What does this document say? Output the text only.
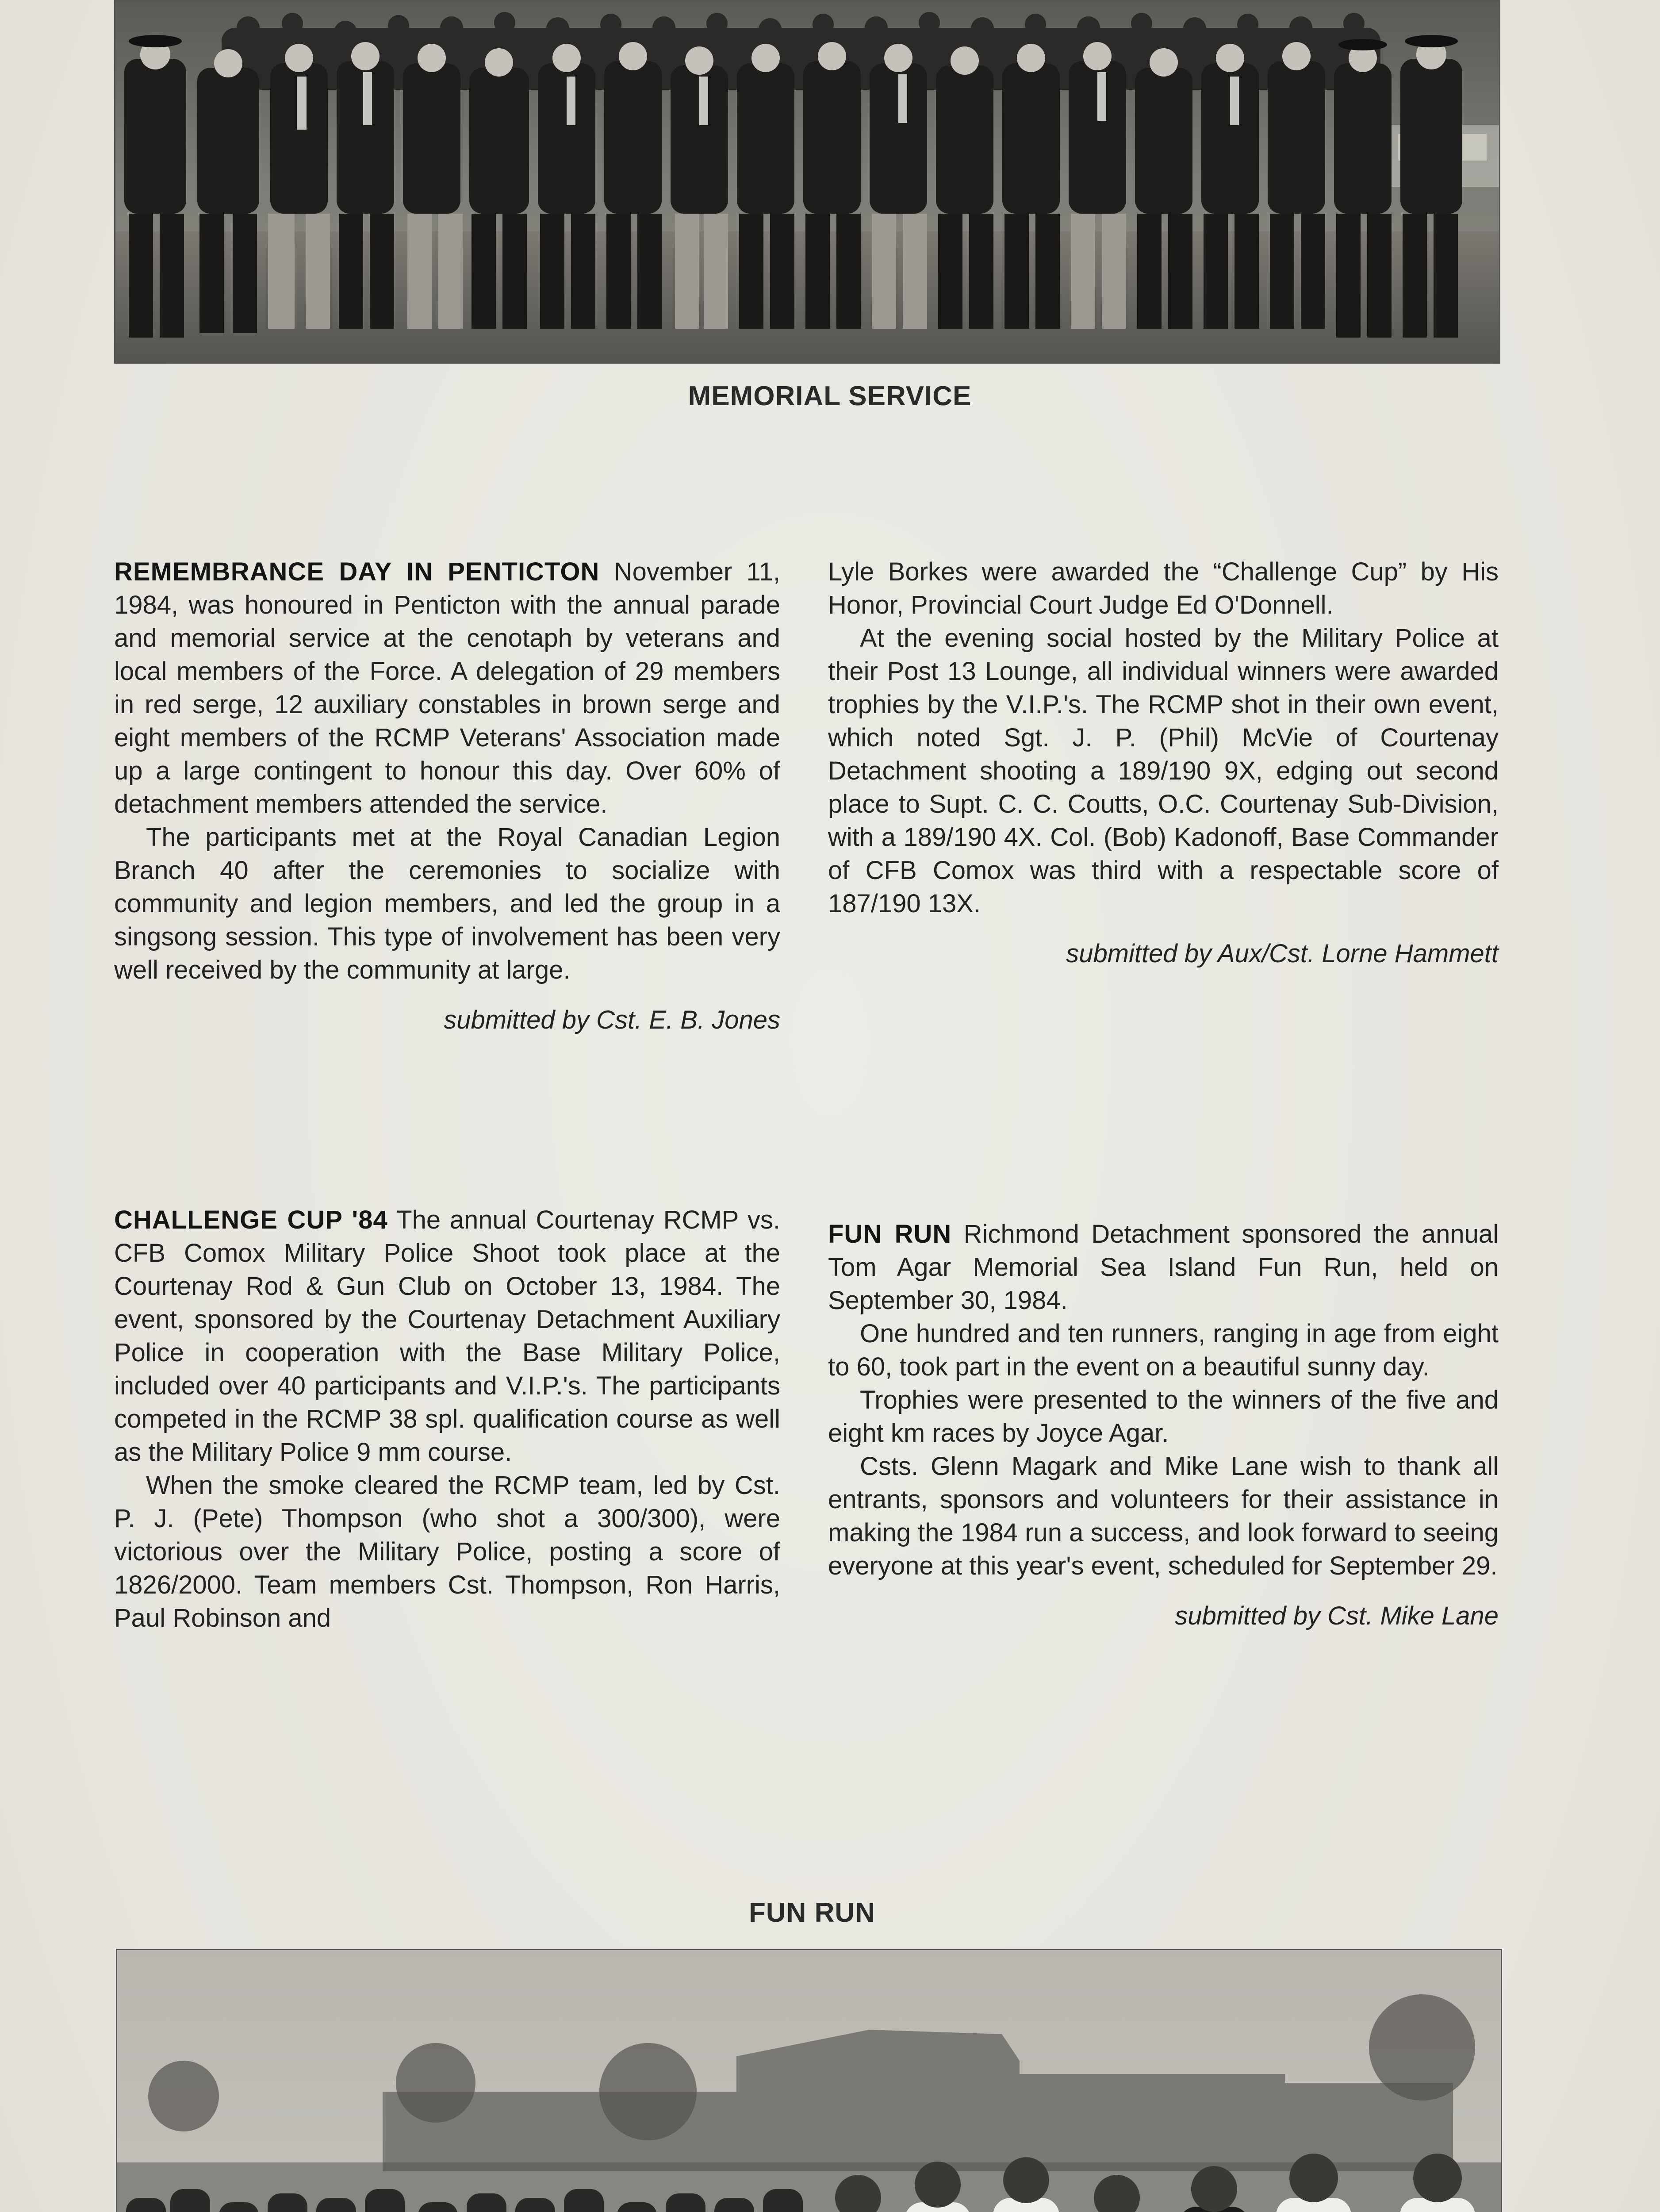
MEMORIAL SERVICE

REMEMBRANCE DAY IN PENTICTON November 11, 1984, was honoured in Penticton with the annual parade and memorial service at the cenotaph by veterans and local members of the Force. A delegation of 29 members in red serge, 12 auxiliary constables in brown serge and eight members of the RCMP Veterans' Association made up a large contingent to honour this day. Over 60% of detachment members attended the service.

The participants met at the Royal Canadian Legion Branch 40 after the ceremonies to socialize with community and legion members, and led the group in a singsong session. This type of involvement has been very well received by the community at large.

submitted by Cst. E. B. Jones

CHALLENGE CUP '84 The annual Courtenay RCMP vs. CFB Comox Military Police Shoot took place at the Courtenay Rod & Gun Club on October 13, 1984. The event, sponsored by the Courtenay Detachment Auxiliary Police in cooperation with the Base Military Police, included over 40 participants and V.I.P.'s. The participants competed in the RCMP 38 spl. qualification course as well as the Military Police 9 mm course.

When the smoke cleared the RCMP team, led by Cst. P. J. (Pete) Thompson (who shot a 300/300), were victorious over the Military Police, posting a score of 1826/2000. Team members Cst. Thompson, Ron Harris, Paul Robinson and

Lyle Borkes were awarded the “Challenge Cup” by His Honor, Provincial Court Judge Ed O'Donnell.

At the evening social hosted by the Military Police at their Post 13 Lounge, all individual winners were awarded trophies by the V.I.P.'s. The RCMP shot in their own event, which noted Sgt. J. P. (Phil) McVie of Courtenay Detachment shooting a 189/190 9X, edging out second place to Supt. C. C. Coutts, O.C. Courtenay Sub-Division, with a 189/190 4X. Col. (Bob) Kadonoff, Base Commander of CFB Comox was third with a respectable score of 187/190 13X.

submitted by Aux/Cst. Lorne Hammett

FUN RUN Richmond Detachment sponsored the annual Tom Agar Memorial Sea Island Fun Run, held on September 30, 1984.

One hundred and ten runners, ranging in age from eight to 60, took part in the event on a beautiful sunny day.

Trophies were presented to the winners of the five and eight km races by Joyce Agar.

Csts. Glenn Magark and Mike Lane wish to thank all entrants, sponsors and volunteers for their assistance in making the 1984 run a success, and look forward to seeing everyone at this year's event, scheduled for September 29.

submitted by Cst. Mike Lane

FUN RUN
